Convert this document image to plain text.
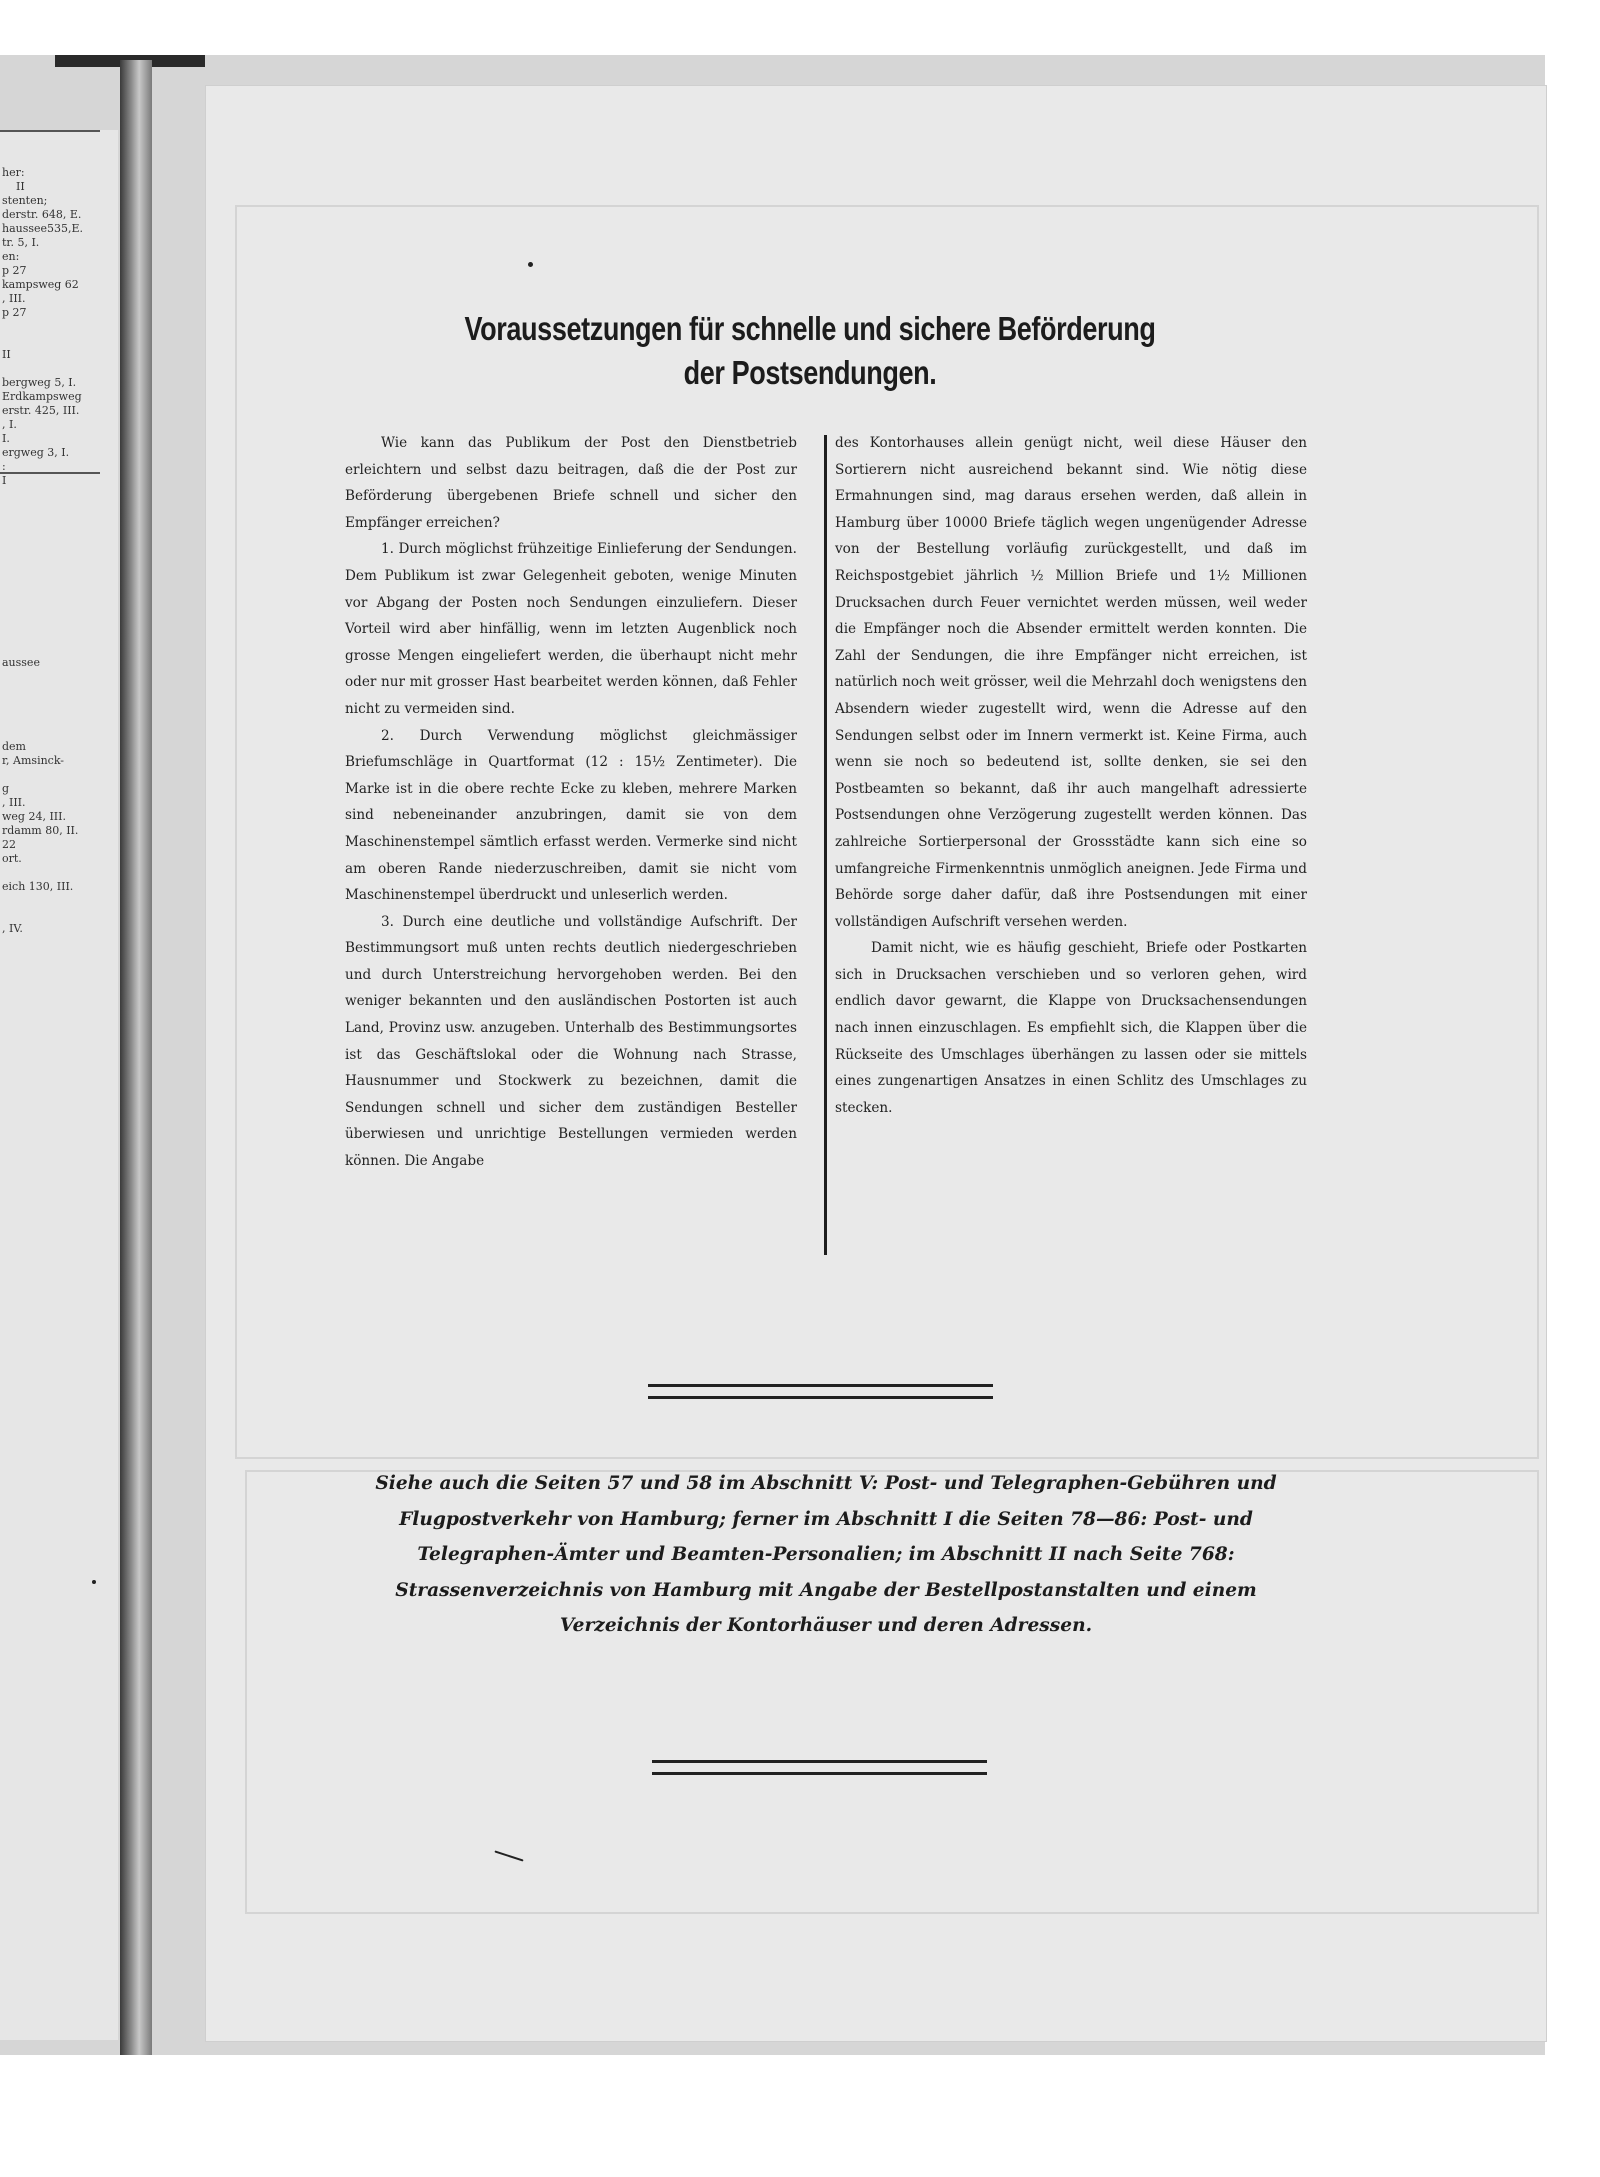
her:
II
stenten;
derstr. 648, E.
haussee535,E.
tr. 5, I.
en:
p 27
kampsweg 62
, III.
p 27

II

bergweg 5, I.
Erdkampsweg
erstr. 425, III.
, I.
I.
ergweg 3, I.
:
I

aussee

dem
r, Amsinck-

g
, III.
weg 24, III.
rdamm 80, II.
22
ort.

eich 130, III.

, IV.
Voraussetzungen für schnelle und sichere Beförderung
der Postsendungen.

Wie kann das Publikum der Post den Dienstbetrieb erleichtern und selbst dazu beitragen, daß die der Post zur Beförderung übergebenen Briefe schnell und sicher den Empfänger erreichen?

1. Durch möglichst frühzeitige Einlieferung der Sendungen. Dem Publikum ist zwar Gelegenheit geboten, wenige Minuten vor Abgang der Posten noch Sendungen einzuliefern. Dieser Vorteil wird aber hinfällig, wenn im letzten Augenblick noch grosse Mengen eingeliefert werden, die überhaupt nicht mehr oder nur mit grosser Hast bearbeitet werden können, daß Fehler nicht zu vermeiden sind.

2. Durch Verwendung möglichst gleichmässiger Briefumschläge in Quartformat (12 : 15½ Zentimeter). Die Marke ist in die obere rechte Ecke zu kleben, mehrere Marken sind nebeneinander anzubringen, damit sie von dem Maschinenstempel sämtlich erfasst werden. Vermerke sind nicht am oberen Rande niederzuschreiben, damit sie nicht vom Maschinenstempel überdruckt und unleserlich werden.

3. Durch eine deutliche und vollständige Aufschrift. Der Bestimmungsort muß unten rechts deutlich niedergeschrieben und durch Unterstreichung hervorgehoben werden. Bei den weniger bekannten und den ausländischen Postorten ist auch Land, Provinz usw. anzugeben. Unterhalb des Bestimmungsortes ist das Geschäftslokal oder die Wohnung nach Strasse, Hausnummer und Stockwerk zu bezeichnen, damit die Sendungen schnell und sicher dem zuständigen Besteller überwiesen und unrichtige Bestellungen vermieden werden können. Die Angabe

des Kontorhauses allein genügt nicht, weil diese Häuser den Sortierern nicht ausreichend bekannt sind. Wie nötig diese Ermahnungen sind, mag daraus ersehen werden, daß allein in Hamburg über 10000 Briefe täglich wegen ungenügender Adresse von der Bestellung vorläufig zurückgestellt, und daß im Reichspostgebiet jährlich ½ Million Briefe und 1½ Millionen Drucksachen durch Feuer vernichtet werden müssen, weil weder die Empfänger noch die Absender ermittelt werden konnten. Die Zahl der Sendungen, die ihre Empfänger nicht erreichen, ist natürlich noch weit grösser, weil die Mehrzahl doch wenigstens den Absendern wieder zugestellt wird, wenn die Adresse auf den Sendungen selbst oder im Innern vermerkt ist. Keine Firma, auch wenn sie noch so bedeutend ist, sollte denken, sie sei den Postbeamten so bekannt, daß ihr auch mangelhaft adressierte Postsendungen ohne Verzögerung zugestellt werden können. Das zahlreiche Sortierpersonal der Grossstädte kann sich eine so umfangreiche Firmenkenntnis unmöglich aneignen. Jede Firma und Behörde sorge daher dafür, daß ihre Postsendungen mit einer vollständigen Aufschrift versehen werden.

Damit nicht, wie es häufig geschieht, Briefe oder Postkarten sich in Drucksachen verschieben und so verloren gehen, wird endlich davor gewarnt, die Klappe von Drucksachensendungen nach innen einzuschlagen. Es empfiehlt sich, die Klappen über die Rückseite des Umschlages überhängen zu lassen oder sie mittels eines zungenartigen Ansatzes in einen Schlitz des Umschlages zu stecken.

Siehe auch die Seiten 57 und 58 im Abschnitt V: Post- und Telegraphen-Gebühren und Flugpostverkehr von Hamburg; ferner im Abschnitt I die Seiten 78—86: Post- und Telegraphen-Ämter und Beamten-Personalien; im Abschnitt II nach Seite 768: Strassenverzeichnis von Hamburg mit Angabe der Bestellpostanstalten und einem Verzeichnis der Kontorhäuser und deren Adressen.
